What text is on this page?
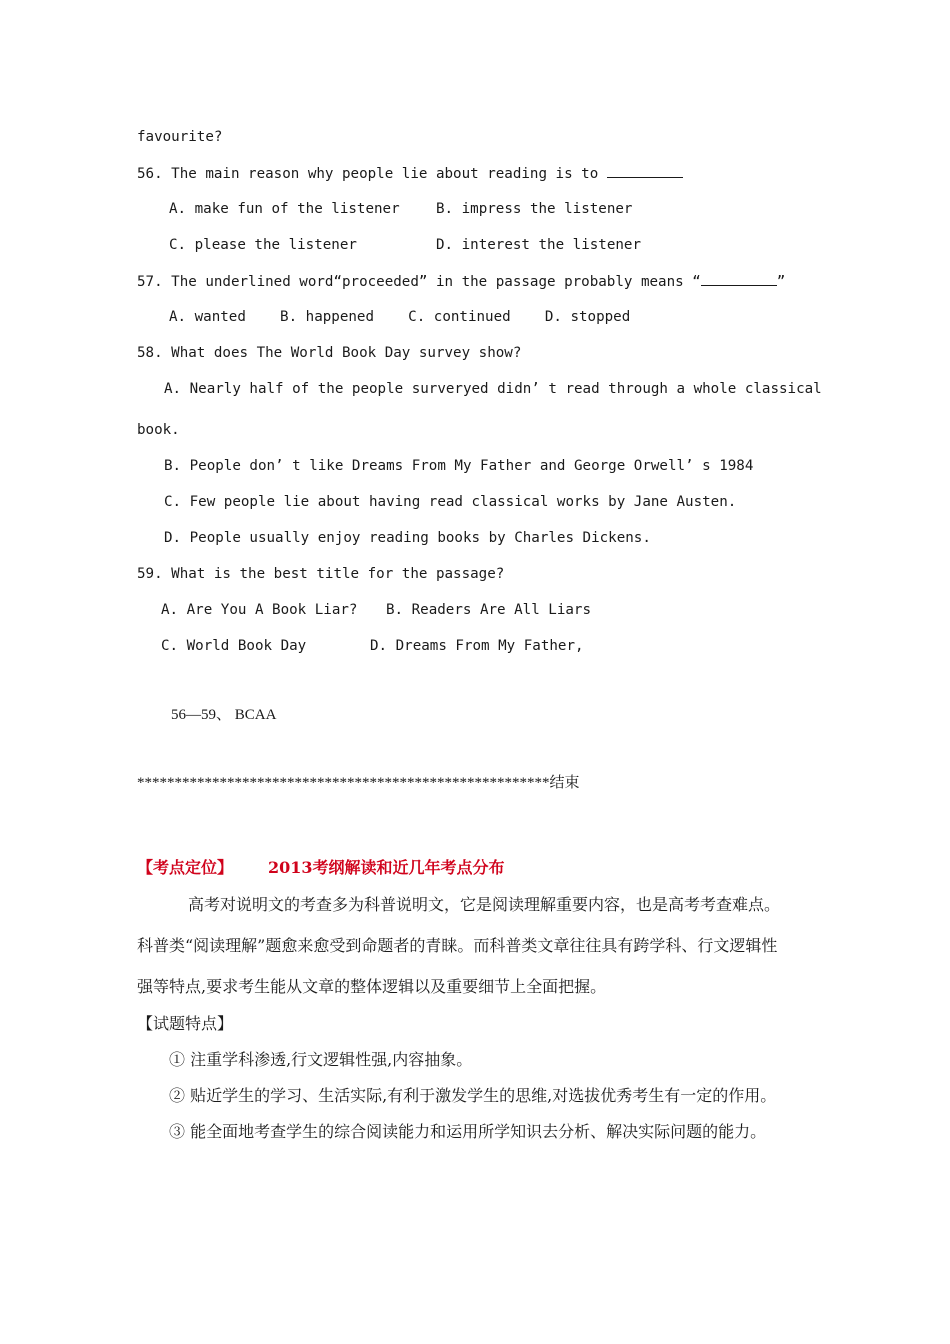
favourite?
56. The main reason why people lie about reading is to
A. make fun of the listener	B. impress the listener
C. please the listener	D. interest the listener
57. The underlined word“proceeded” in the passage probably means “	”
A. wanted    B. happened    C. continued    D. stopped
58. What does The World Book Day survey show?
A. Nearly half of the people surveryed didn’ t read through a whole classical
book.
B. People don’ t like Dreams From My Father and George Orwell’ s 1984
C. Few people lie about having read classical works by Jane Austen.
D. People usually enjoy reading books by Charles Dickens.
59. What is the best title for the passage?
A. Are You A Book Liar? B. Readers Are All Liars
C. World Book Day	D. Dreams From My Father,
56—59、 BCAA
*******************************************************结束
【考点定位】 2013考纲解读和近几年考点分布
高考对说明文的考查多为科普说明文，它是阅读理解重要内容，也是高考考查难点。
科普类“阅读理解”题愈来愈受到命题者的青睐。而科普类文章往往具有跨学科、行文逻辑性
强等特点,要求考生能从文章的整体逻辑以及重要细节上全面把握。
【试题特点】
① 注重学科渗透,行文逻辑性强,内容抽象。
② 贴近学生的学习、生活实际,有利于激发学生的思维,对选拔优秀考生有一定的作用。
③ 能全面地考查学生的综合阅读能力和运用所学知识去分析、解决实际问题的能力。
